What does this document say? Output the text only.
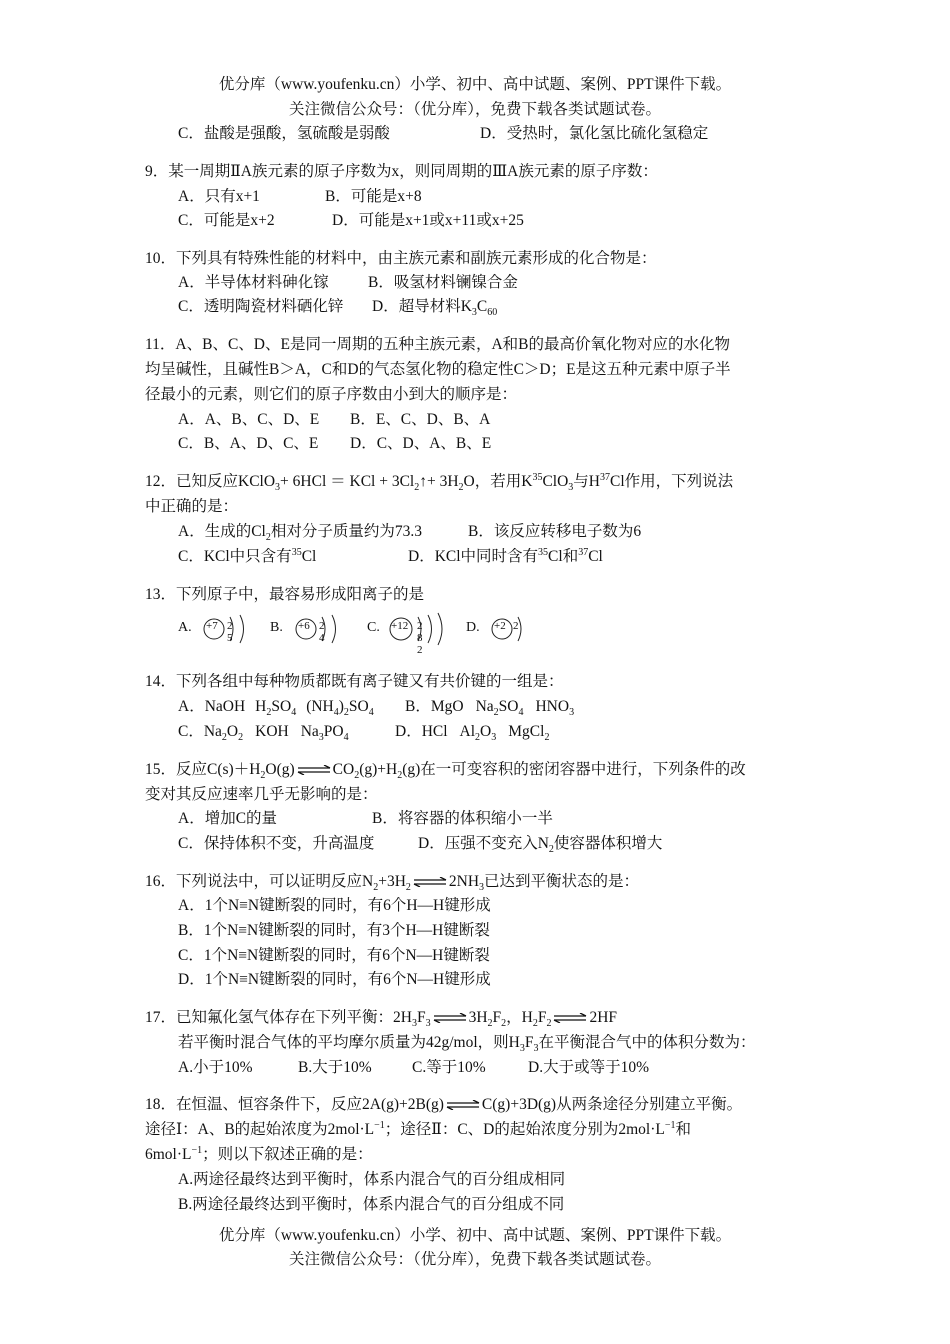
优分库（www.youfenku.cn）小学、初中、高中试题、案例、PPT课件下载。
关注微信公众号：（优分库），免费下载各类试题试卷。
C．盐酸是强酸，氢硫酸是弱酸	D．受热时，氯化氢比硫化氢稳定
9．某一周期ⅡA族元素的原子序数为x，则同周期的ⅢA族元素的原子序数：
A．只有x+1	B．可能是x+8
C．可能是x+2	D．可能是x+1或x+11或x+25
10．下列具有特殊性能的材料中，由主族元素和副族元素形成的化合物是：
A．半导体材料砷化镓	B．吸氢材料镧镍合金
C．透明陶瓷材料硒化锌 D．超导材料$K_3C_{60}$
11．A、B、C、D、E是同一周期的五种主族元素，A和B的最高价氧化物对应的水化物
均呈碱性，且碱性B＞A，C和D的气态氢化物的稳定性C＞D；E是这五种元素中原子半
径最小的元素，则它们的原子序数由小到大的顺序是：
A．A、B、C、D、E B．E、C、D、B、A
C．B、A、D、C、E D．C、D、A、B、E
12．已知反应KClO$_3$+ 6HCl ＝ KCl + $3Cl_2↑+ 3H_2O$，若用$K^{35}ClO_3$与$H^{37}Cl$作用，下列说法
中正确的是：
A．生成的$Cl_2$相对分子质量约为73.3	B．该反应转移电子数为6
C．KCl中只含有$^{35}$Cl	D．KCl中同时含有$^{35}$Cl和$^{37}$Cl
13．下列原子中，最容易形成阳离子的是
A. +7 2 5
B. +6 2 4
C. +12 2 8 2
D. +2 2
14．下列各组中每种物质都既有离子键又有共价键的一组是：
A．NaOH $H_2SO_4$ $(NH_4)_2SO_4$ B．MgO $Na_2SO_4$ $HNO_3$
C．$Na_2O_2$ KOH $Na_3PO_4$	D．HCl $Al_2O_3$ MgCl$_2$
15．反应$C(s)+H_2O(g)$ ⇌ $CO_2(g)+H_2(g)$在一可变容积的密闭容器中进行，下列条件的改
变对其反应速率几乎无影响的是：
A．增加C的量	B．将容器的体积缩小一半
C．保持体积不变，升高温度	D．压强不变充入$N_2$使容器体积增大
16．下列说法中，可以证明反应$N_2+3H_2$ ⇌ $2NH_3$已达到平衡状态的是：
A．1个N≡N键断裂的同时，有6个H—H键形成
B．1个N≡N键断裂的同时，有3个H—H键断裂
C．1个N≡N键断裂的同时，有6个N—H键断裂
D．1个N≡N键断裂的同时，有6个N—H键形成
17．已知氟化氢气体存在下列平衡：$2H_3F_3$ ⇌ $3H_2F_2$，$H_2F_2$ ⇌ 2HF
若平衡时混合气体的平均摩尔质量为42g/mol，则$H_3F_3$在平衡混合气中的体积分数为：
A.小于10%	B.大于10%	C.等于10%	D.大于或等于10%
18．在恒温、恒容条件下，反应2A(g)+2B(g) ⇌ C(g)+3D(g)从两条途径分别建立平衡。
途径Ⅰ：A、B的起始浓度为$2mol\cdot L^{-1}$；途径Ⅱ：C、D的起始浓度分别为$2mol\cdot L^{-1}$和
$6mol\cdot L^{-1}$；则以下叙述正确的是：
A.两途径最终达到平衡时，体系内混合气的百分组成相同
B.两途径最终达到平衡时，体系内混合气的百分组成不同
优分库（www.youfenku.cn）小学、初中、高中试题、案例、PPT课件下载。
关注微信公众号：（优分库），免费下载各类试题试卷。
